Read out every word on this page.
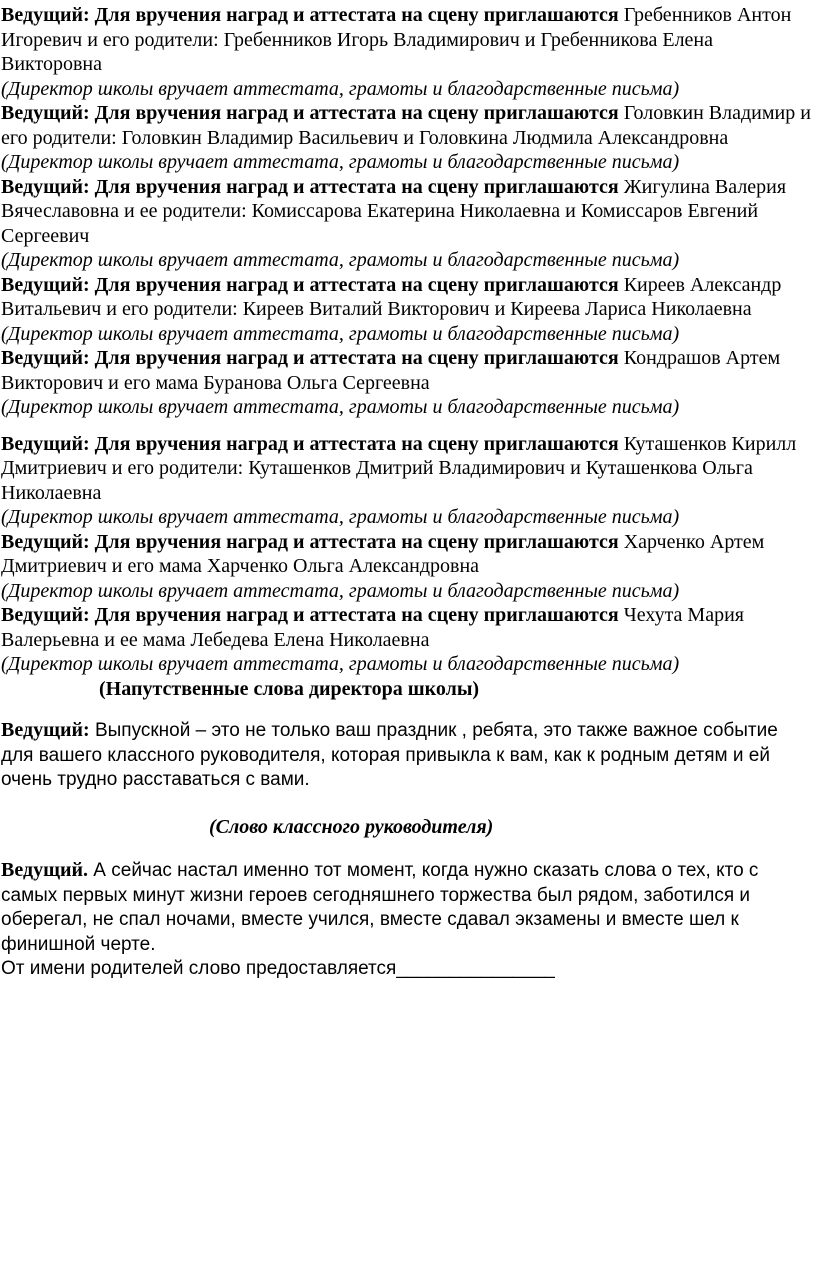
Ведущий: Для вручения наград и аттестата на сцену приглашаются Гребенников Антон Игоревич и его родители: Гребенников Игорь Владимирович и Гребенникова Елена Викторовна

(Директор школы вручает аттестата, грамоты и благодарственные письма)

Ведущий: Для вручения наград и аттестата на сцену приглашаются Головкин Владимир и его родители: Головкин Владимир Васильевич и Головкина Людмила Александровна

(Директор школы вручает аттестата, грамоты и благодарственные письма)

Ведущий: Для вручения наград и аттестата на сцену приглашаются Жигулина Валерия Вячеславовна и ее родители: Комиссарова Екатерина Николаевна и Комиссаров Евгений Сергеевич

(Директор школы вручает аттестата, грамоты и благодарственные письма)

Ведущий: Для вручения наград и аттестата на сцену приглашаются Киреев Александр Витальевич и его родители: Киреев Виталий Викторович и Киреева Лариса Николаевна

(Директор школы вручает аттестата, грамоты и благодарственные письма)

Ведущий: Для вручения наград и аттестата на сцену приглашаются Кондрашов Артем  Викторович и его мама Буранова Ольга Сергеевна

(Директор школы вручает аттестата, грамоты и благодарственные письма)

Ведущий: Для вручения наград и аттестата на сцену приглашаются Куташенков Кирилл Дмитриевич и его родители: Куташенков Дмитрий Владимирович и Куташенкова Ольга Николаевна

(Директор школы вручает аттестата, грамоты и благодарственные письма)

Ведущий: Для вручения наград и аттестата на сцену приглашаются Харченко Артем Дмитриевич и его мама Харченко Ольга Александровна

(Директор школы вручает аттестата, грамоты и благодарственные письма)

Ведущий: Для вручения наград и аттестата на сцену приглашаются Чехута Мария Валерьевна и ее мама Лебедева Елена Николаевна

(Директор школы вручает аттестата, грамоты и благодарственные письма)

(Напутственные слова директора школы)

Ведущий: Выпускной – это не только ваш праздник , ребята, это также важное событие для вашего классного руководителя, которая привыкла к вам, как к родным детям и ей очень трудно расставаться с вами.

(Слово классного руководителя)

Ведущий. А сейчас настал именно тот момент, когда нужно сказать слова о тех, кто с самых первых минут жизни героев сегодняшнего торжества был рядом, заботился и оберегал, не спал ночами, вместе учился, вместе сдавал экзамены и вместе шел к финишной черте.

От имени родителей слово предоставляется_______________
